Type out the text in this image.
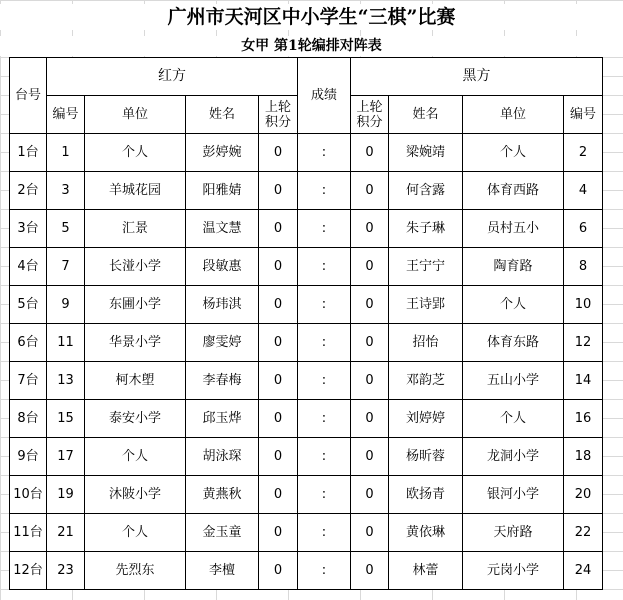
广州市天河区中小学生“三棋”比赛
女甲 第1轮编排对阵表
台号	红方				成绩	黑方			
	编号	单位	姓名	上轮积分		上轮积分	姓名	单位	编号
1台	1	个人	彭婷婉	0	:	0	梁婉靖	个人	2
2台	3	羊城花园	阳雅婧	0	:	0	何含露	体育西路	4
3台	5	汇景	温文慧	0	:	0	朱子琳	员村五小	6
4台	7	长湴小学	段敏惠	0	:	0	王宁宁	陶育路	8
5台	9	东圃小学	杨玮淇	0	:	0	王诗郢	个人	10
6台	11	华景小学	廖雯婷	0	:	0	招怡	体育东路	12
7台	13	柯木塱	李春梅	0	:	0	邓韵芝	五山小学	14
8台	15	泰安小学	邱玉烨	0	:	0	刘婷婷	个人	16
9台	17	个人	胡泳琛	0	:	0	杨昕蓉	龙洞小学	18
10台	19	沐陂小学	黄燕秋	0	:	0	欧扬青	银河小学	20
11台	21	个人	金玉童	0	:	0	黄依琳	天府路	22
12台	23	先烈东	李檀	0	:	0	林蕾	元岗小学	24
